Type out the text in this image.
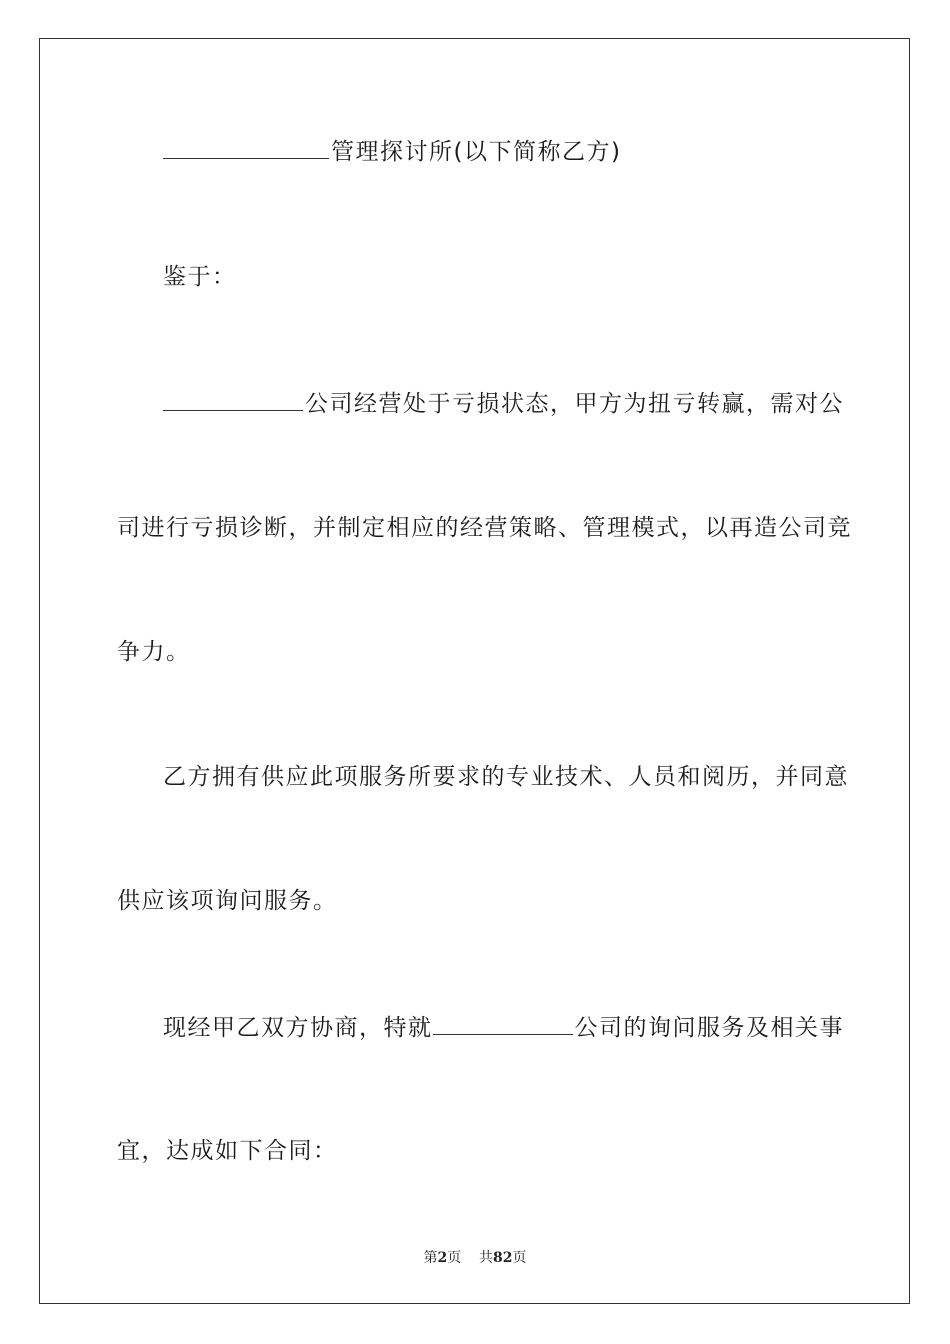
管理探讨所(以下简称乙方)
鉴于：
公司经营处于亏损状态，甲方为扭亏转赢，需对公
司进行亏损诊断，并制定相应的经营策略、管理模式，以再造公司竞
争力。
乙方拥有供应此项服务所要求的专业技术、人员和阅历，并同意
供应该项询问服务。
现经甲乙双方协商，特就	公司的询问服务及相关事
宜，达成如下合同：
第2页 共82页
